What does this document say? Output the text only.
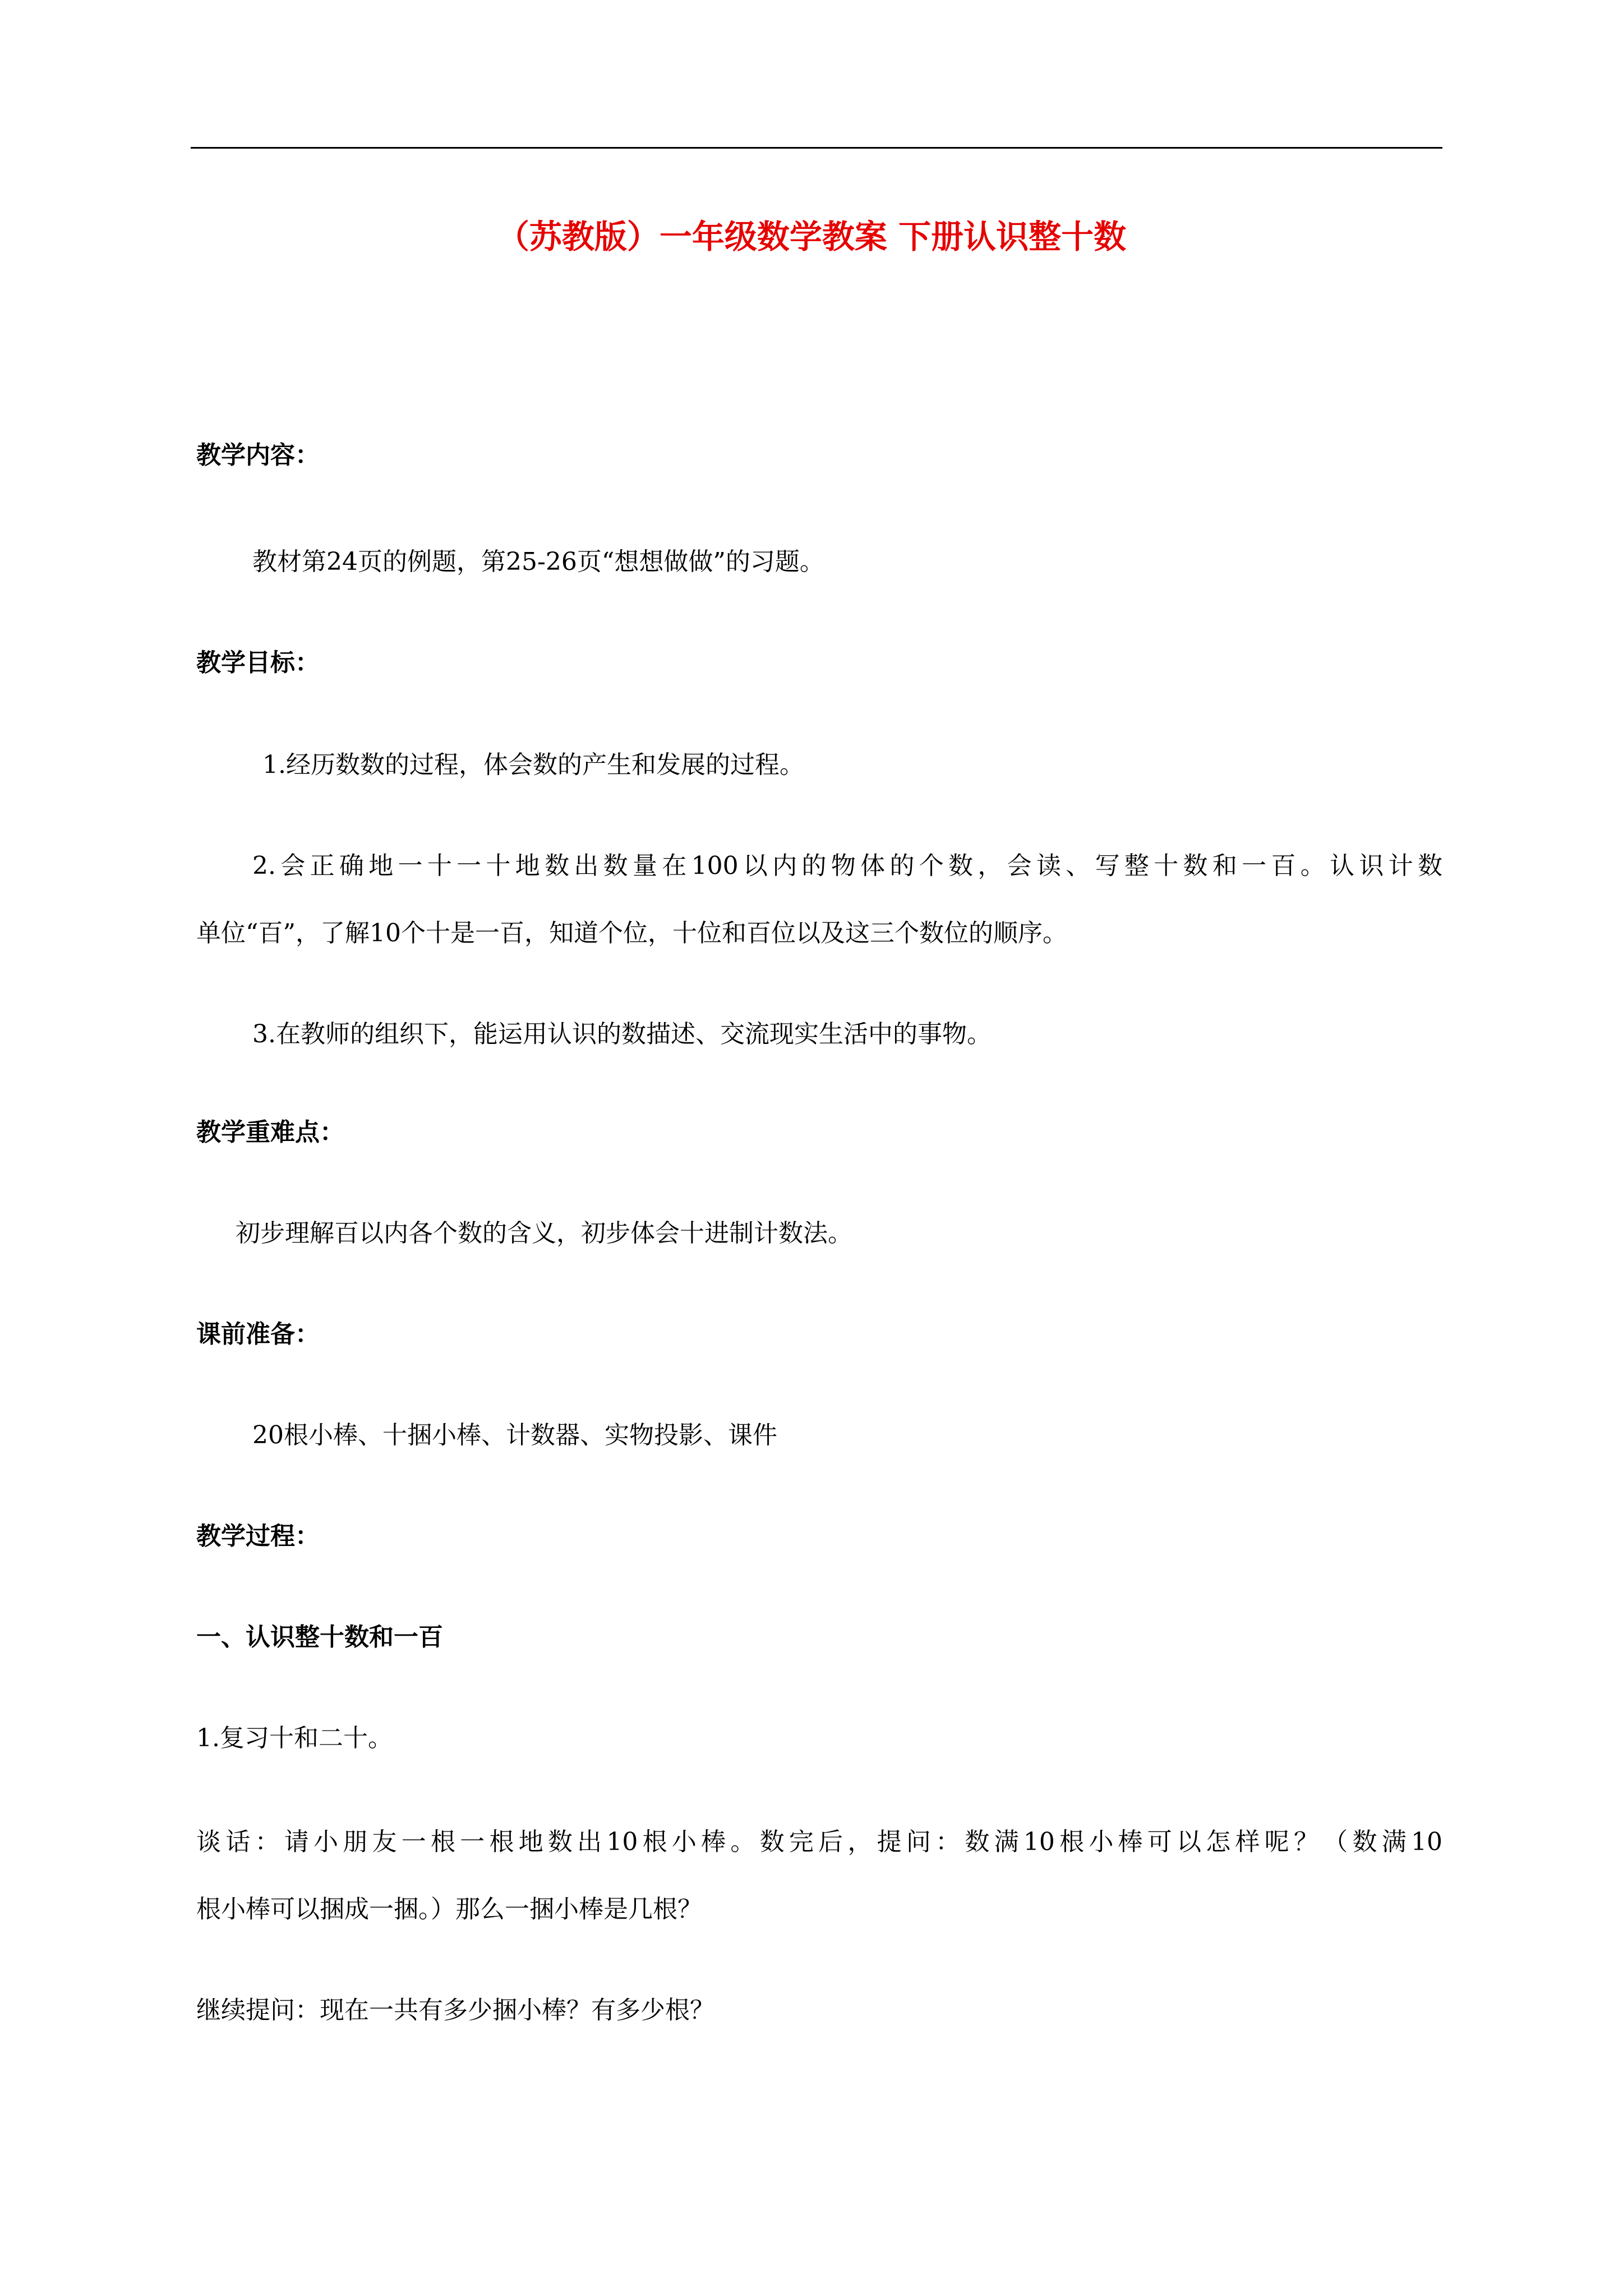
（苏教版）一年级数学教案 下册认识整十数
教学内容：
教材第24页的例题，第25-26页“想想做做”的习题。
教学目标：
1.经历数数的过程，体会数的产生和发展的过程。
2.会正确地一十一十地数出数量在100以内的物体的个数，会读、写整十数和一百。认识计数
单位“百”，了解10个十是一百，知道个位，十位和百位以及这三个数位的顺序。
3.在教师的组织下，能运用认识的数描述、交流现实生活中的事物。
教学重难点：
初步理解百以内各个数的含义，初步体会十进制计数法。
课前准备：
20根小棒、十捆小棒、计数器、实物投影、课件
教学过程：
一、认识整十数和一百
1.复习十和二十。
谈话：请小朋友一根一根地数出10根小棒。数完后，提问：数满10根小棒可以怎样呢？（数满10
根小棒可以捆成一捆。）那么一捆小棒是几根？
继续提问：现在一共有多少捆小棒？有多少根？
